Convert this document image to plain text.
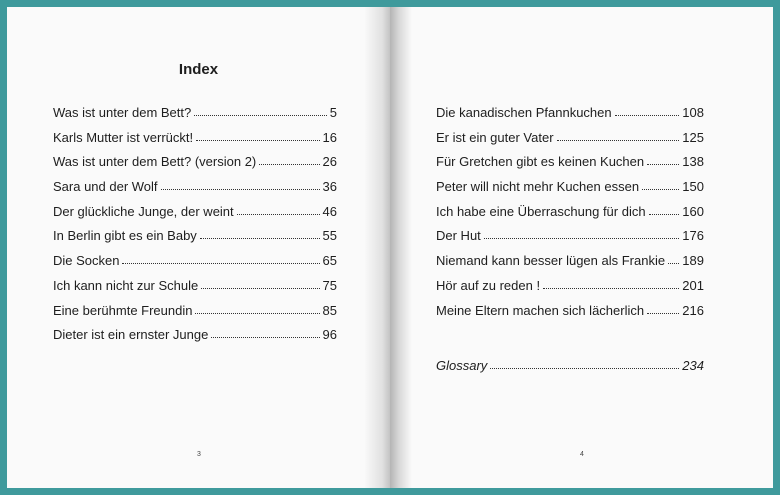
Index
Was ist unter dem Bett?	5
Karls Mutter ist verrückt!	16
Was ist unter dem Bett? (version 2)	26
Sara und der Wolf	36
Der glückliche Junge, der weint	46
In Berlin gibt es ein Baby	55
Die Socken	65
Ich kann nicht zur Schule	75
Eine berühmte Freundin	85
Dieter ist ein ernster Junge	96
3
Die kanadischen Pfannkuchen	108
Er ist ein guter Vater	125
Für Gretchen gibt es keinen Kuchen	138
Peter will nicht mehr Kuchen essen	150
Ich habe eine Überraschung für dich	160
Der Hut	176
Niemand kann besser lügen als Frankie 189
Hör auf zu reden !	201
Meine Eltern machen sich lächerlich	216
Glossary	234
4
